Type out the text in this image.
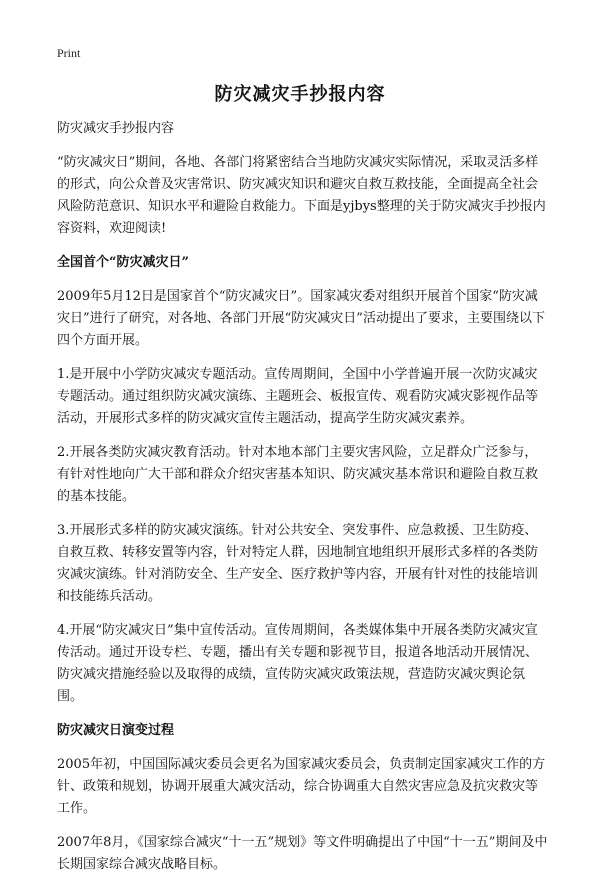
Print
防灾减灾手抄报内容

防灾减灾手抄报内容

“防灾减灾日”期间，各地、各部门将紧密结合当地防灾减灾实际情况，采取灵活多样的形式，向公众普及灾害常识、防灾减灾知识和避灾自救互救技能，全面提高全社会风险防范意识、知识水平和避险自救能力。下面是yjbys整理的关于防灾减灾手抄报内容资料，欢迎阅读!

全国首个“防灾减灾日”

2009年5月12日是国家首个“防灾减灾日”。国家减灾委对组织开展首个国家“防灾减灾日”进行了研究，对各地、各部门开展“防灾减灾日”活动提出了要求，主要围绕以下四个方面开展。

1.是开展中小学防灾减灾专题活动。宣传周期间，全国中小学普遍开展一次防灾减灾专题活动。通过组织防灾减灾演练、主题班会、板报宣传、观看防灾减灾影视作品等活动，开展形式多样的防灾减灾宣传主题活动，提高学生防灾减灾素养。

2.开展各类防灾减灾教育活动。针对本地本部门主要灾害风险，立足群众广泛参与，有针对性地向广大干部和群众介绍灾害基本知识、防灾减灾基本常识和避险自救互救的基本技能。

3.开展形式多样的防灾减灾演练。针对公共安全、突发事件、应急救援、卫生防疫、自救互救、转移安置等内容，针对特定人群，因地制宜地组织开展形式多样的各类防灾减灾演练。针对消防安全、生产安全、医疗救护等内容，开展有针对性的技能培训和技能练兵活动。

4.开展“防灾减灾日”集中宣传活动。宣传周期间，各类媒体集中开展各类防灾减灾宣传活动。通过开设专栏、专题，播出有关专题和影视节目，报道各地活动开展情况、防灾减灾措施经验以及取得的成绩，宣传防灾减灾政策法规，营造防灾减灾舆论氛围。

防灾减灾日演变过程

2005年初，中国国际减灾委员会更名为国家减灾委员会，负责制定国家减灾工作的方针、政策和规划，协调开展重大减灾活动，综合协调重大自然灾害应急及抗灾救灾等工作。

2007年8月，《国家综合减灾“十一五”规划》等文件明确提出了中国“十一五”期间及中长期国家综合减灾战略目标。
